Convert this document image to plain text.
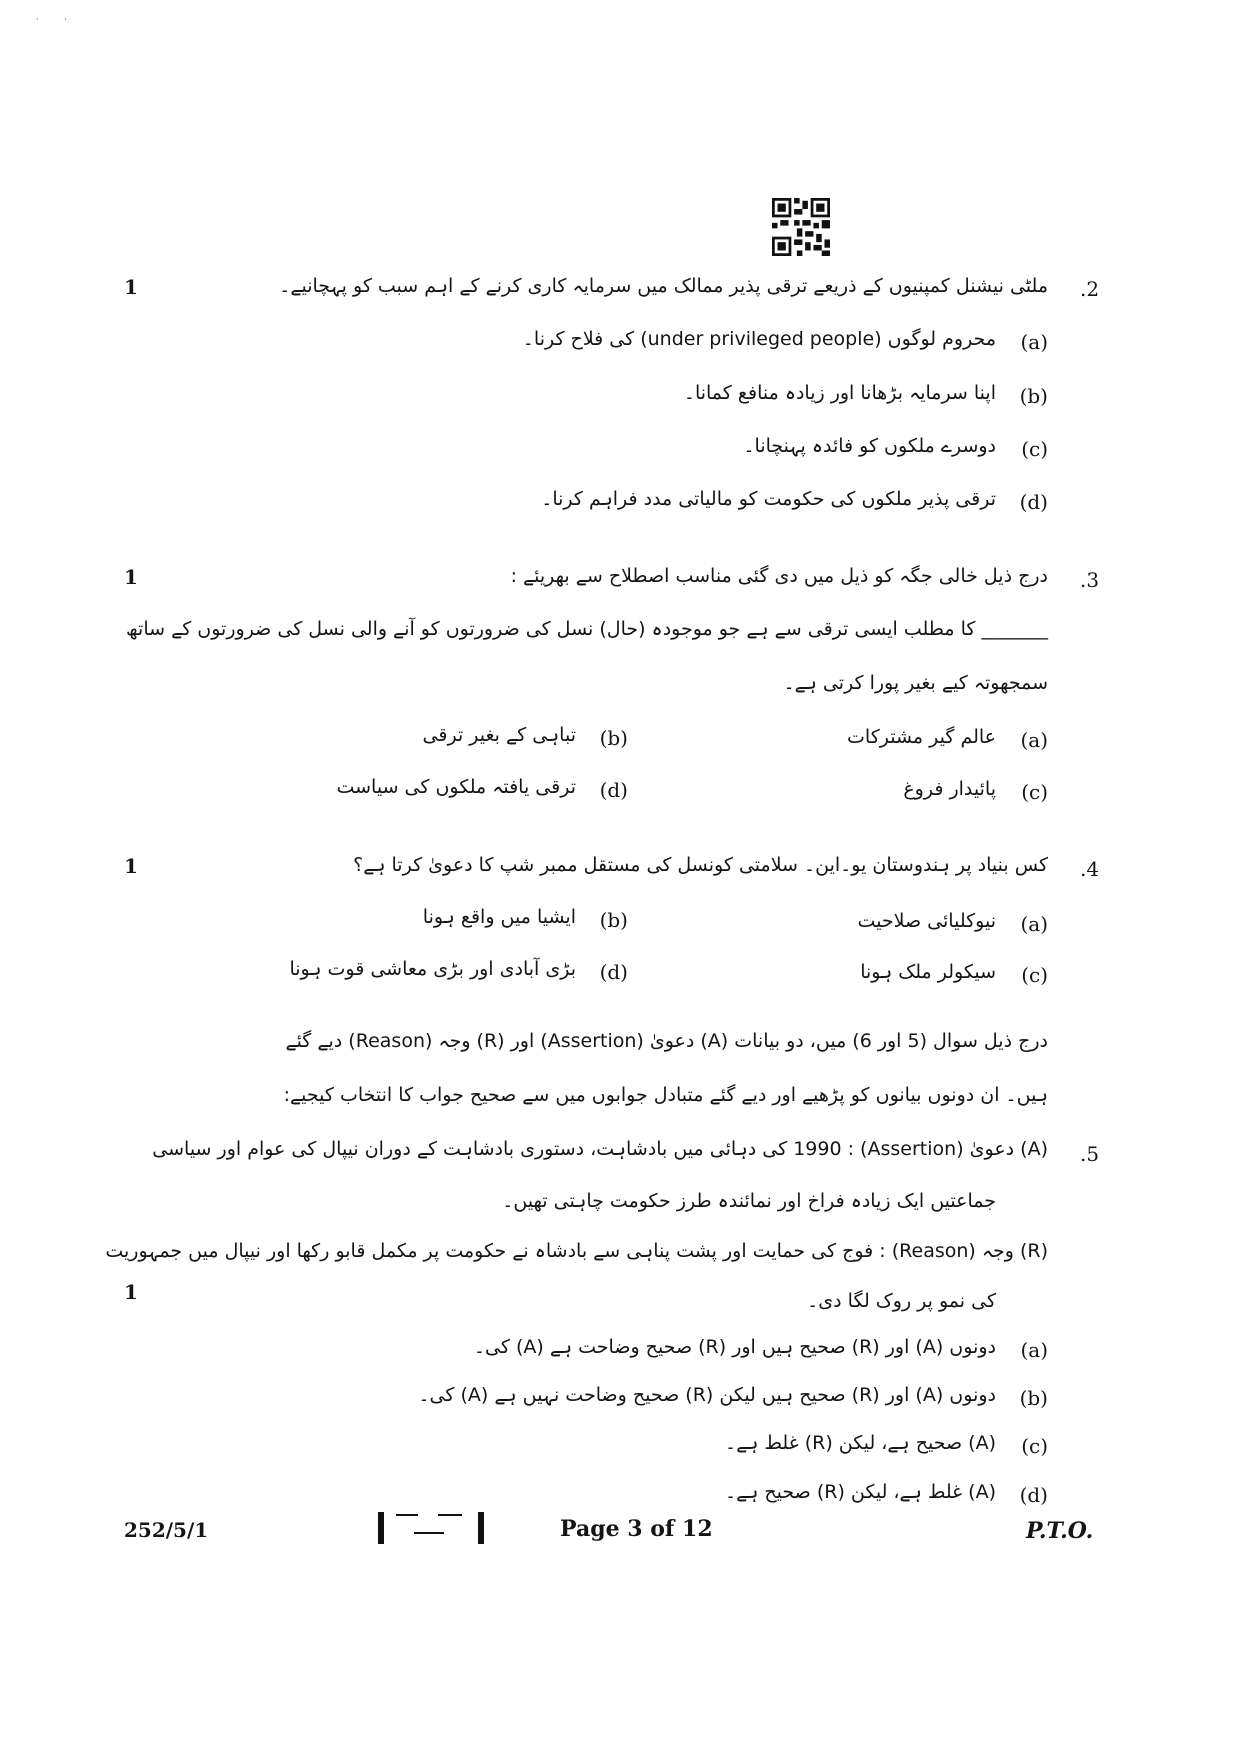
ˈ         ˈ
.2
1	ملٹی نیشنل کمپنیوں کے ذریعے ترقی پذیر ممالک میں سرمایہ کاری کرنے کے اہم سبب کو پہچانیے۔
(a)
محروم لوگوں (under privileged people) کی فلاح کرنا۔
(b)
اپنا سرمایہ بڑھانا اور زیادہ منافع کمانا۔
(c)
دوسرے ملکوں کو فائدہ پہنچانا۔
(d)
ترقی پذیر ملکوں کی حکومت کو مالیاتی مدد فراہم کرنا۔
.3
1	درج ذیل خالی جگہ کو ذیل میں دی گئی مناسب اصطلاح سے بھریئے :
_______ کا مطلب ایسی ترقی سے ہے جو موجودہ (حال) نسل کی ضرورتوں کو آنے والی نسل کی ضرورتوں کے ساتھ
سمجھوتہ کیے بغیر پورا کرتی ہے۔
(a)
عالم گیر مشترکات
(b)
تباہی کے بغیر ترقی
(c)
پائیدار فروغ
(d)
ترقی یافتہ ملکوں کی سیاست
.4
1	کس بنیاد پر ہندوستان یو۔این۔ سلامتی کونسل کی مستقل ممبر شپ کا دعویٰ کرتا ہے؟
(a)
نیوکلیائی صلاحیت
(b)
ایشیا میں واقع ہونا
(c)
سیکولر ملک ہونا
(d)
بڑی آبادی اور بڑی معاشی قوت ہونا
درج ذیل سوال (5 اور 6) میں، دو بیانات (A) دعویٰ (Assertion) اور (R) وجہ (Reason) دیے گئے
ہیں۔ ان دونوں بیانوں کو پڑھیے اور دیے گئے متبادل جوابوں میں سے صحیح جواب کا انتخاب کیجیے:
.5
(A) دعویٰ (Assertion) : 1990 کی دہائی میں بادشاہت، دستوری بادشاہت کے دوران نیپال کی عوام اور سیاسی
جماعتیں ایک زیادہ فراخ اور نمائندہ طرز حکومت چاہتی تھیں۔
(R) وجہ (Reason) : فوج کی حمایت اور پشت پناہی سے بادشاہ نے حکومت پر مکمل قابو رکھا اور نیپال میں جمہوریت
کی نمو پر روک لگا دی۔
1
(a)
دونوں (A) اور (R) صحیح ہیں اور (R) صحیح وضاحت ہے (A) کی۔
(b)
دونوں (A) اور (R) صحیح ہیں لیکن (R) صحیح وضاحت نہیں ہے (A) کی۔
(c)
(A) صحیح ہے، لیکن (R) غلط ہے۔
(d)
(A) غلط ہے، لیکن (R) صحیح ہے۔
252/5/1	Page 3 of 12	P.T.O.
